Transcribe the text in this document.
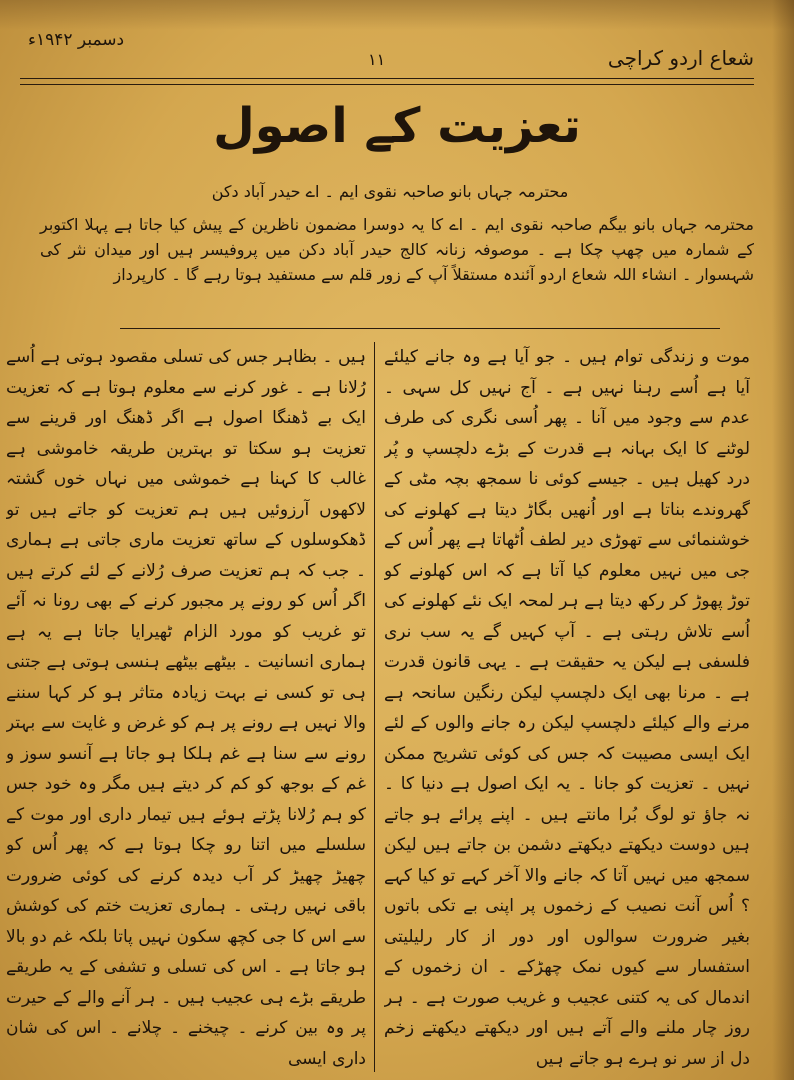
شعاع اردو کراچی
۱۱
دسمبر ۱۹۴۲ء
تعزیت کے اصول
محترمہ جہاں بانو صاحبہ نقوی ایم ۔ اے حیدر آباد دکن

محترمہ جہاں بانو بیگم صاحبہ نقوی ایم ۔ اے کا یہ دوسرا مضمون ناظرین کے پیش کیا جاتا ہے پہلا اکتوبر کے شمارہ میں چھپ چکا ہے ۔ موصوفہ زنانہ کالج حیدر آباد دکن میں پروفیسر ہیں اور میدان نثر کی شہسوار ۔ انشاء اللہ شعاع اردو آئندہ مستقلاً آپ کے زور قلم سے مستفید ہوتا رہے گا ۔ کارپرداز

موت و زندگی توام ہیں ۔ جو آیا ہے وہ جانے کیلئے آیا ہے اُسے رہنا نہیں ہے ۔ آج نہیں کل سہی ۔ عدم سے وجود میں آنا ۔ پھر اُسی نگری کی طرف لوٹنے کا ایک بہانہ ہے قدرت کے بڑے دلچسپ و پُر درد کھیل ہیں ۔ جیسے کوئی نا سمجھ بچہ مٹی کے گھروندے بناتا ہے اور اُنھیں بگاڑ دیتا ہے کھلونے کی خوشنمائی سے تھوڑی دیر لطف اُٹھاتا ہے پھر اُس کے جی میں نہیں معلوم کیا آتا ہے کہ اس کھلونے کو توڑ پھوڑ کر رکھ دیتا ہے ہر لمحہ ایک نئے کھلونے کی اُسے تلاش رہتی ہے ۔ آپ کہیں گے یہ سب نری فلسفی ہے لیکن یہ حقیقت ہے ۔ یہی قانون قدرت ہے ۔ مرنا بھی ایک دلچسپ لیکن رنگین سانحہ ہے مرنے والے کیلئے دلچسپ لیکن رہ جانے والوں کے لئے ایک ایسی مصیبت کہ جس کی کوئی تشریح ممکن نہیں ۔ تعزیت کو جانا ۔ یہ ایک اصول ہے دنیا کا ۔ نہ جاؤ تو لوگ بُرا مانتے ہیں ۔ اپنے پرائے ہو جاتے ہیں دوست دیکھتے دیکھتے دشمن بن جاتے ہیں لیکن سمجھ میں نہیں آتا کہ جانے والا آخر کہے تو کیا کہے ؟ اُس آنت نصیب کے زخموں پر اپنی بے تکی باتوں بغیر ضرورت سوالوں اور دور از کار رلیلیتی استفسار سے کیوں نمک چھڑکے ۔ ان زخموں کے اندمال کی یہ کتنی عجیب و غریب صورت ہے ۔ ہر روز چار ملنے والے آتے ہیں اور دیکھتے دیکھتے زخم دل از سر نو ہرے ہو جاتے ہیں

ہیں ۔ بظاہر جس کی تسلی مقصود ہوتی ہے اُسے رُلانا ہے ۔ غور کرنے سے معلوم ہوتا ہے کہ تعزیت ایک بے ڈھنگا اصول ہے اگر ڈھنگ اور قرینے سے تعزیت ہو سکتا تو بہترین طریقہ خاموشی ہے غالب کا کہنا ہے خموشی میں نہاں خوں گشتہ لاکھوں آرزوئیں ہیں ہم تعزیت کو جاتے ہیں تو ڈھکوسلوں کے ساتھ تعزیت ماری جاتی ہے ہماری ۔ جب کہ ہم تعزیت صرف رُلانے کے لئے کرتے ہیں اگر اُس کو رونے پر مجبور کرنے کے بھی رونا نہ آئے تو غریب کو مورد الزام ٹھیرایا جاتا ہے یہ ہے ہماری انسانیت ۔ بیٹھے بیٹھے ہنسی ہوتی ہے جتنی ہی تو کسی نے بہت زیادہ متاثر ہو کر کہا سننے والا نہیں ہے رونے پر ہم کو غرض و غایت سے بہتر رونے سے سنا ہے غم ہلکا ہو جاتا ہے آنسو سوز و غم کے بوجھ کو کم کر دیتے ہیں مگر وہ خود جس کو ہم رُلانا پڑتے ہوئے ہیں تیمار داری اور موت کے سلسلے میں اتنا رو چکا ہوتا ہے کہ پھر اُس کو چھیڑ چھیڑ کر آب دیدہ کرنے کی کوئی ضرورت باقی نہیں رہتی ۔ ہماری تعزیت ختم کی کوشش سے اس کا جی کچھ سکون نہیں پاتا بلکہ غم دو بالا ہو جاتا ہے ۔ اس کی تسلی و تشفی کے یہ طریقے طریقے بڑے ہی عجیب ہیں ۔ ہر آنے والے کے حیرت پر وہ بین کرنے ۔ چیخنے ۔ چلانے ۔ اس کی شان داری ایسی
